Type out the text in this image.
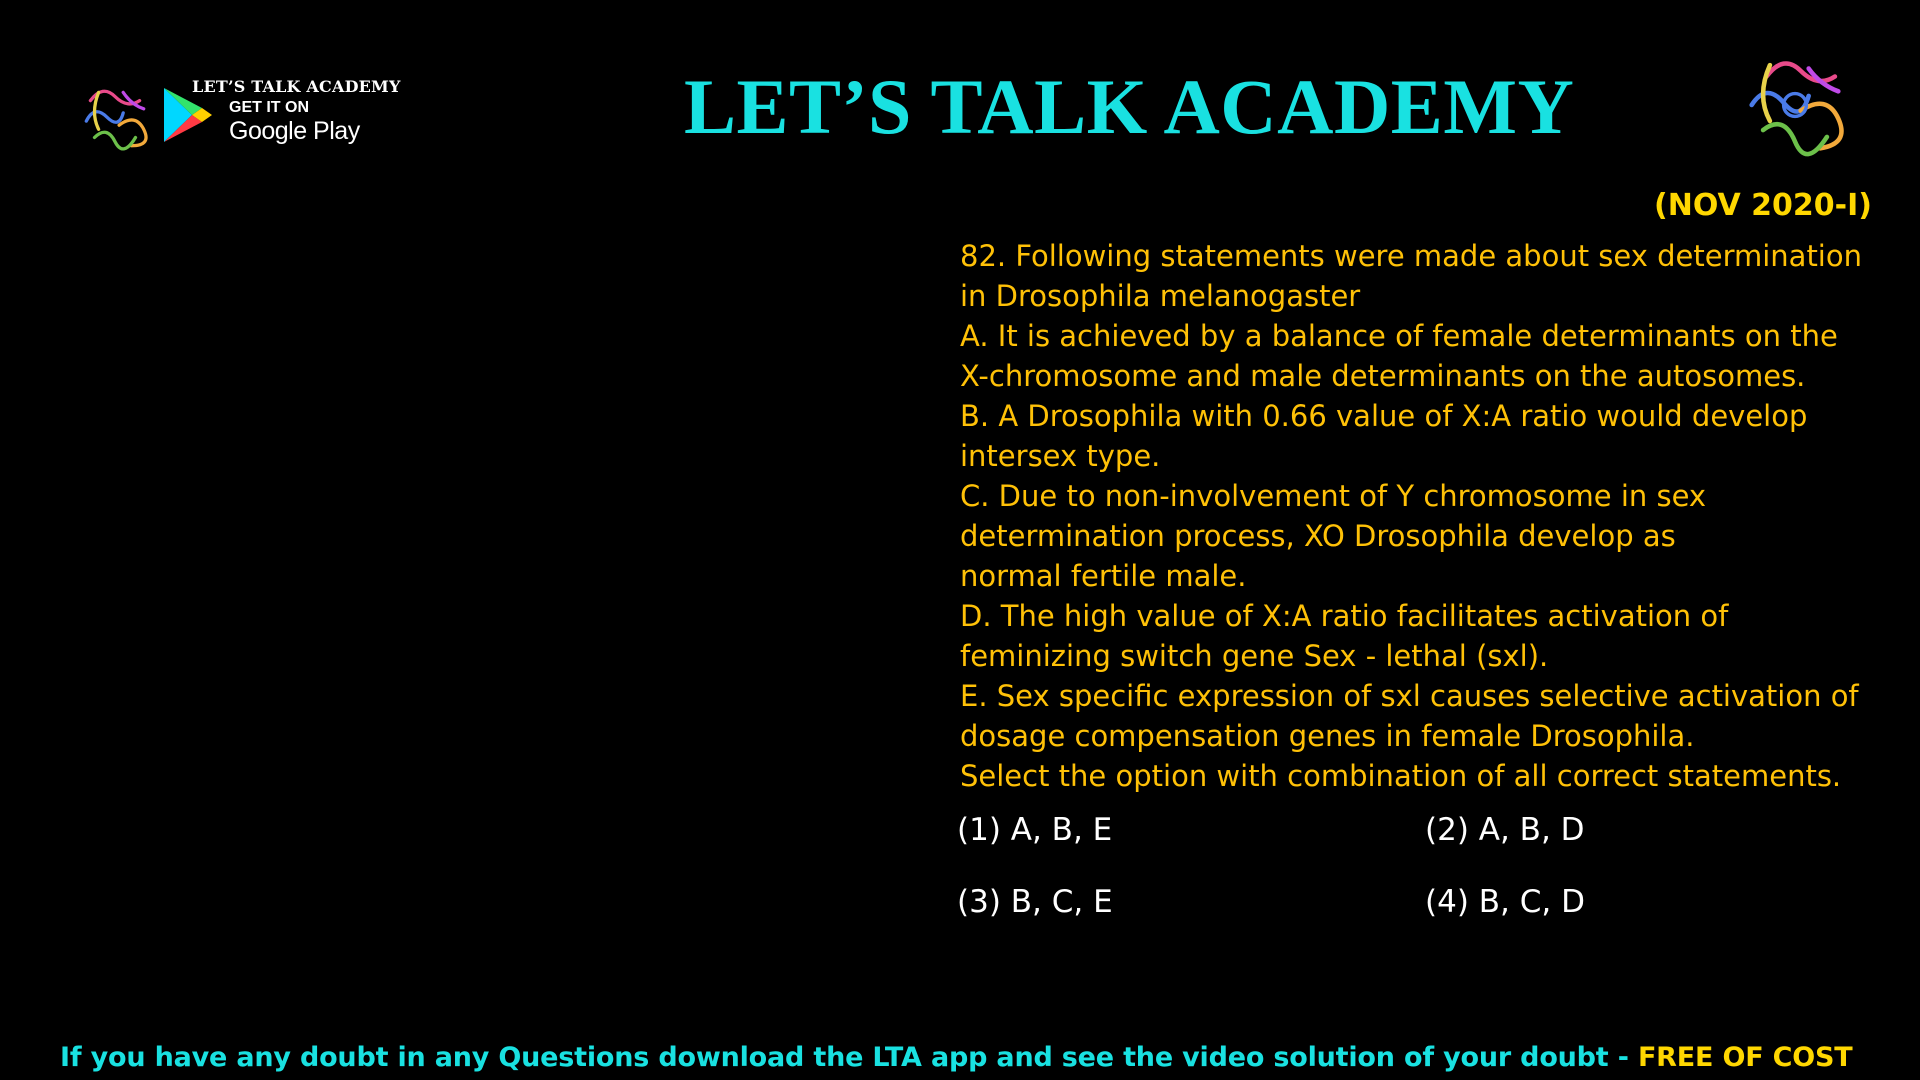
LET’S TALK ACADEMY
GET IT ON
Google Play	LET’S TALK ACADEMY
(NOV 2020-I)
82. Following statements were made about sex determination
in Drosophila melanogaster
A. It is achieved by a balance of female determinants on the
X-chromosome and male determinants on the autosomes.
B. A Drosophila with 0.66 value of X:A ratio would develop
intersex type.
C. Due to non-involvement of Y chromosome in sex
determination process, XO Drosophila develop as
normal fertile male.
D. The high value of X:A ratio facilitates activation of
feminizing switch gene Sex - lethal (sxl).
E. Sex specific expression of sxl causes selective activation of
dosage compensation genes in female Drosophila.
Select the option with combination of all correct statements.
(1) A, B, E	(2) A, B, D
(3) B, C, E	(4) B, C, D
If you have any doubt in any Questions download the LTA app and see the video solution of your doubt - FREE OF COST
